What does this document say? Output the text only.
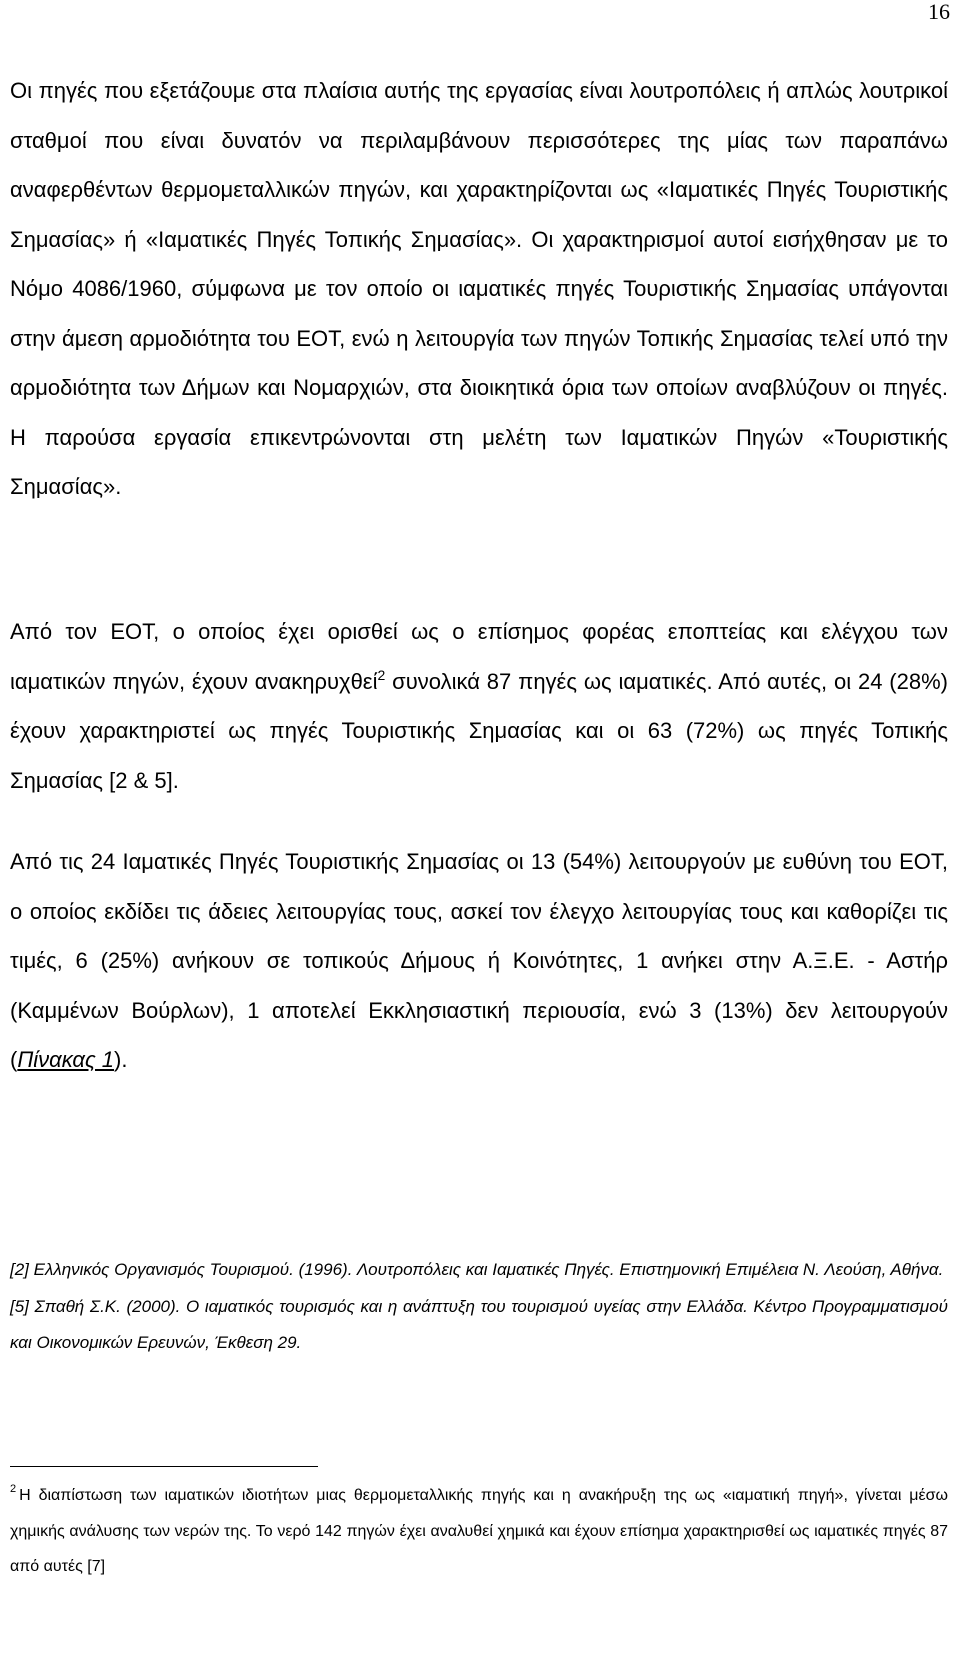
16

Οι πηγές που εξετάζουμε στα πλαίσια αυτής της εργασίας είναι λουτροπόλεις ή απλώς λουτρικοί σταθμοί που είναι δυνατόν να περιλαμβάνουν περισσότερες της μίας των παραπάνω αναφερθέντων θερμομεταλλικών πηγών, και χαρακτηρίζονται ως «Ιαματικές Πηγές Τουριστικής Σημασίας» ή «Ιαματικές Πηγές Τοπικής Σημασίας». Οι χαρακτηρισμοί αυτοί εισήχθησαν με το Νόμο 4086/1960, σύμφωνα με τον οποίο οι ιαματικές πηγές Τουριστικής Σημασίας υπάγονται στην άμεση αρμοδιότητα του ΕΟΤ, ενώ η λειτουργία των πηγών Τοπικής Σημασίας τελεί υπό την αρμοδιότητα των Δήμων και Νομαρχιών, στα διοικητικά όρια των οποίων αναβλύζουν οι πηγές. Η παρούσα εργασία επικεντρώνονται στη μελέτη των Ιαματικών Πηγών «Τουριστικής Σημασίας».

Από τον ΕΟΤ, ο οποίος έχει ορισθεί ως ο επίσημος φορέας εποπτείας και ελέγχου των ιαματικών πηγών, έχουν ανακηρυχθεί$^2$ συνολικά 87 πηγές ως ιαματικές. Από αυτές, οι 24 (28%) έχουν χαρακτηριστεί ως πηγές Τουριστικής Σημασίας και οι 63 (72%) ως πηγές Τοπικής Σημασίας [2 & 5].

Από τις 24 Ιαματικές Πηγές Τουριστικής Σημασίας οι 13 (54%) λειτουργούν με ευθύνη του ΕΟΤ, ο οποίος εκδίδει τις άδειες λειτουργίας τους, ασκεί τον έλεγχο λειτουργίας τους και καθορίζει τις τιμές, 6 (25%) ανήκουν σε τοπικούς Δήμους ή Κοινότητες, 1 ανήκει στην Α.Ξ.Ε. - Αστήρ (Καμμένων Βούρλων), 1 αποτελεί Εκκλησιαστική περιουσία, ενώ 3 (13%) δεν λειτουργούν (Πίνακας 1).

[2] Ελληνικός Οργανισμός Τουρισμού. (1996). Λουτροπόλεις και Ιαματικές Πηγές. Επιστημονική Επιμέλεια Ν. Λεούση, Αθήνα.

[5] Σπαθή Σ.Κ. (2000). Ο ιαματικός τουρισμός και η ανάπτυξη του τουρισμού υγείας στην Ελλάδα. Κέντρο Προγραμματισμού και Οικονομικών Ερευνών, Έκθεση 29.

$^2$ Η διαπίστωση των ιαματικών ιδιοτήτων μιας θερμομεταλλικής πηγής και η ανακήρυξη της ως «ιαματική πηγή», γίνεται μέσω χημικής ανάλυσης των νερών της. Το νερό 142 πηγών έχει αναλυθεί χημικά και έχουν επίσημα χαρακτηρισθεί ως ιαματικές πηγές 87 από αυτές [7]
